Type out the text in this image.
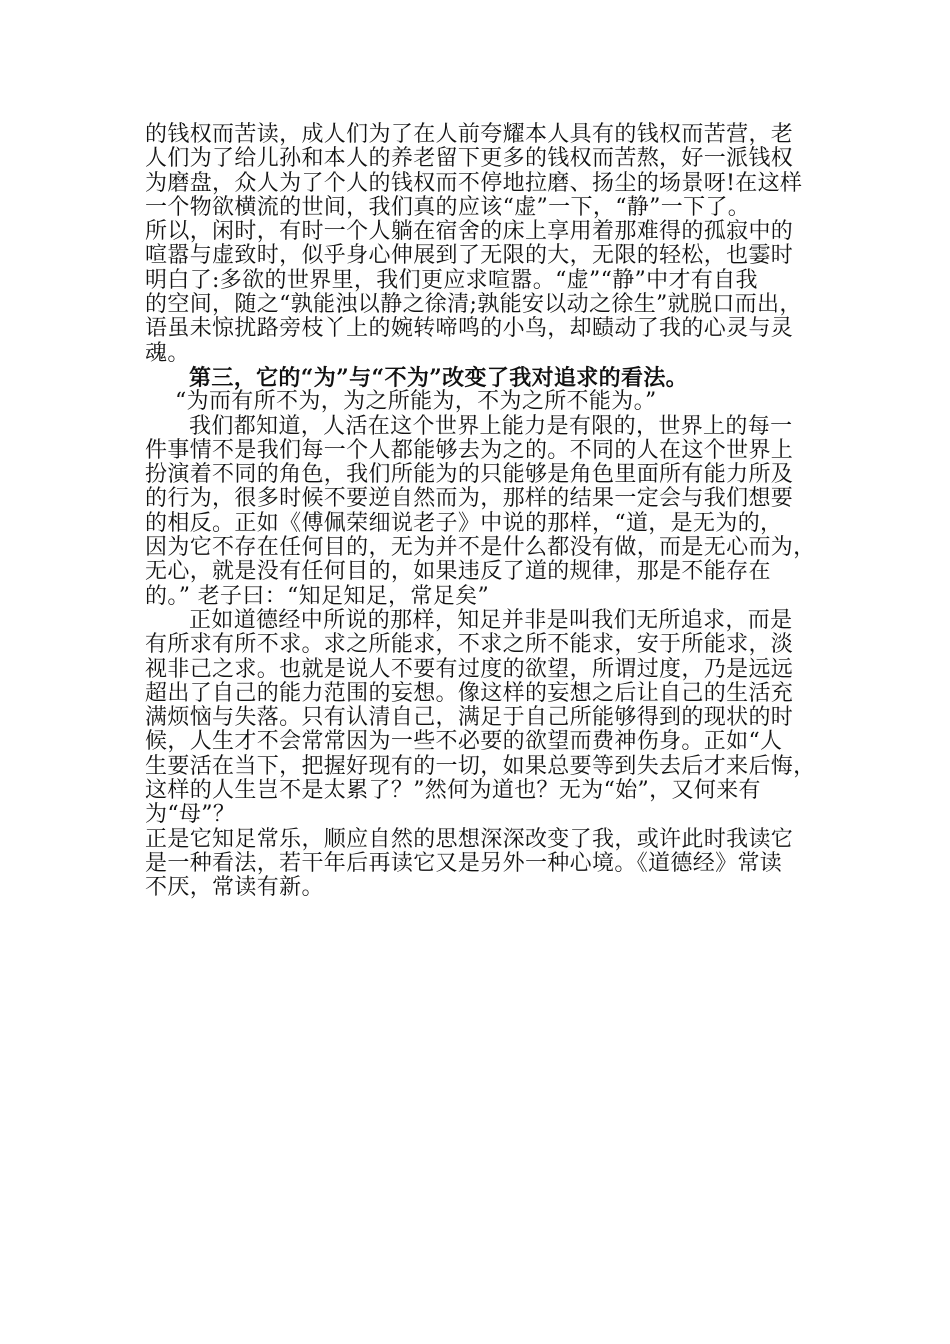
的钱权而苦读，成人们为了在人前夸耀本人具有的钱权而苦营，老
人们为了给儿孙和本人的养老留下更多的钱权而苦熬，好一派钱权
为磨盘，众人为了个人的钱权而不停地拉磨、扬尘的场景呀!在这样
一个物欲横流的世间，我们真的应该“虚”一下，“静”一下了。
所以，闲时，有时一个人躺在宿舍的床上享用着那难得的孤寂中的
喧嚣与虚致时，似乎身心伸展到了无限的大，无限的轻松，也霎时
明白了:多欲的世界里，我们更应求喧嚣。“虚”“静”中才有自我
的空间，随之“孰能浊以静之徐清;孰能安以动之徐生”就脱口而出，
语虽未惊扰路旁枝丫上的婉转啼鸣的小鸟，却赜动了我的心灵与灵
魂。
第三，它的“为”与“不为”改变了我对追求的看法。
“为而有所不为，为之所能为，不为之所不能为。”
我们都知道，人活在这个世界上能力是有限的，世界上的每一
件事情不是我们每一个人都能够去为之的。不同的人在这个世界上
扮演着不同的角色，我们所能为的只能够是角色里面所有能力所及
的行为，很多时候不要逆自然而为，那样的结果一定会与我们想要
的相反。正如《傅佩荣细说老子》中说的那样，“道，是无为的，
因为它不存在任何目的，无为并不是什么都没有做，而是无心而为，
无心，就是没有任何目的，如果违反了道的规律，那是不能存在
的。” 老子曰：“知足知足，常足矣”
正如道德经中所说的那样，知足并非是叫我们无所追求，而是
有所求有所不求。求之所能求，不求之所不能求，安于所能求，淡
视非己之求。也就是说人不要有过度的欲望，所谓过度，乃是远远
超出了自己的能力范围的妄想。像这样的妄想之后让自己的生活充
满烦恼与失落。只有认清自己，满足于自己所能够得到的现状的时
候，人生才不会常常因为一些不必要的欲望而费神伤身。正如“人
生要活在当下，把握好现有的一切，如果总要等到失去后才来后悔，
这样的人生岂不是太累了？”然何为道也？无为“始”，又何来有
为“母”？
正是它知足常乐，顺应自然的思想深深改变了我，或许此时我读它
是一种看法，若干年后再读它又是另外一种心境。《道德经》常读
不厌，常读有新。
